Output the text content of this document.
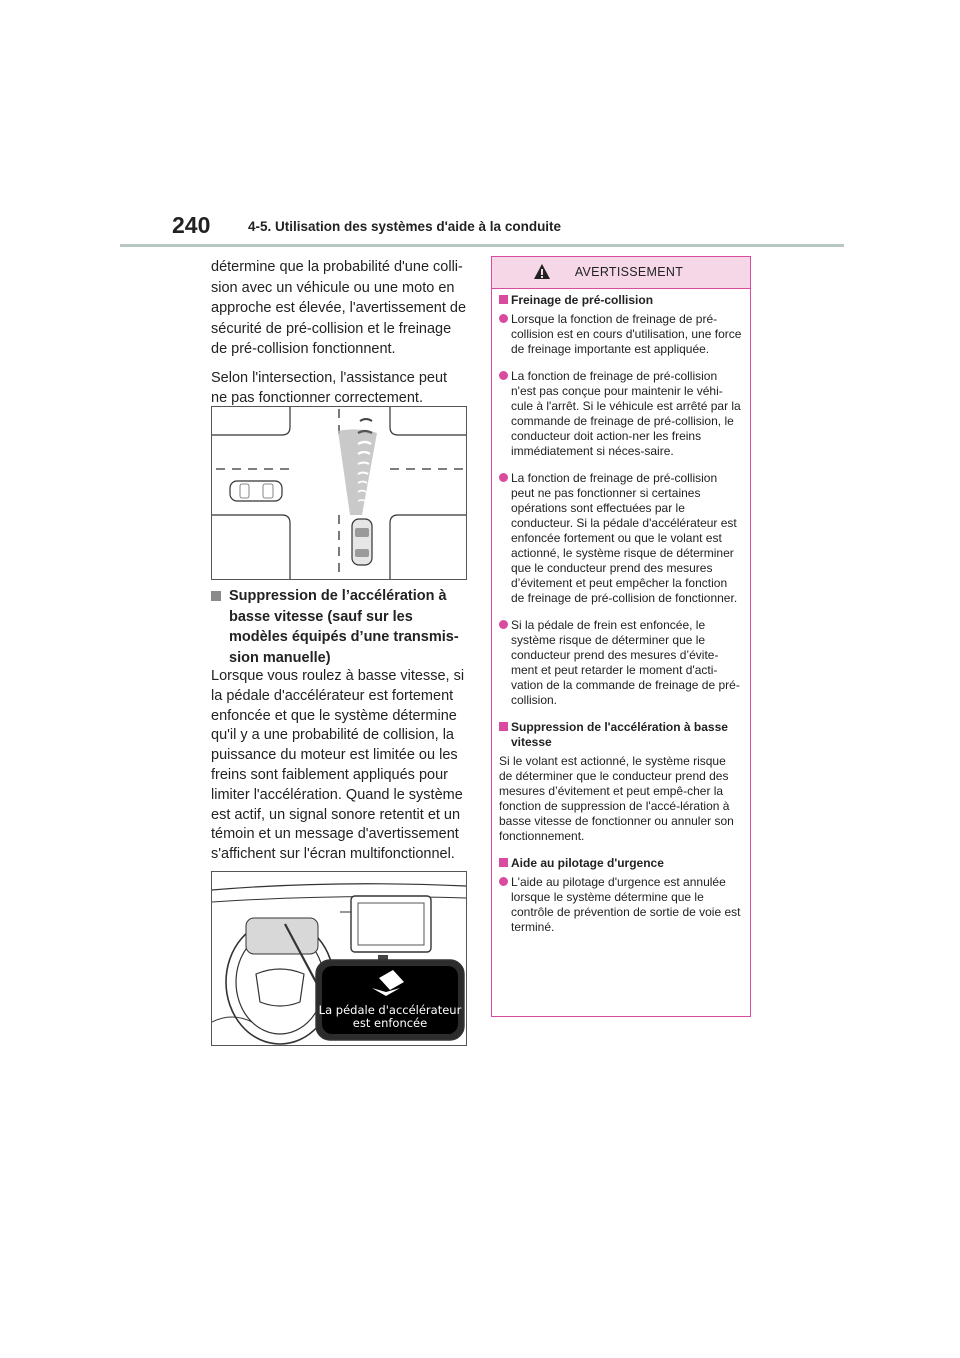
240	4-5. Utilisation des systèmes d'aide à la conduite

détermine que la probabilité d'une colli-sion avec un véhicule ou une moto en approche est élevée, l'avertissement de sécurité de pré-collision et le freinage de pré-collision fonctionnent.

Selon l'intersection, l'assistance peut ne pas fonctionner correctement.

Suppression de l’accélération à basse vitesse (sauf sur les modèles équipés d’une transmis-sion manuelle)

Lorsque vous roulez à basse vitesse, si la pédale d'accélérateur est fortement enfoncée et que le système détermine qu'il y a une probabilité de collision, la puissance du moteur est limitée ou les freins sont faiblement appliqués pour limiter l'accélération. Quand le système est actif, un signal sonore retentit et un témoin et un message d'avertissement s'affichent sur l'écran multifonctionnel.

La pédale d'accélérateur
est enfoncée
AVERTISSEMENT
Freinage de pré-collision
Lorsque la fonction de freinage de pré-collision est en cours d'utilisation, une force de freinage importante est appliquée.
La fonction de freinage de pré-collision n'est pas conçue pour maintenir le véhi-cule à l'arrêt. Si le véhicule est arrêté par la commande de freinage de pré-collision, le conducteur doit action-ner les freins immédiatement si néces-saire.
La fonction de freinage de pré-collision peut ne pas fonctionner si certaines opérations sont effectuées par le conducteur. Si la pédale d'accélérateur est enfoncée fortement ou que le volant est actionné, le système risque de déterminer que le conducteur prend des mesures d’évitement et peut empêcher la fonction de freinage de pré-collision de fonctionner.
Si la pédale de frein est enfoncée, le système risque de déterminer que le conducteur prend des mesures d’évite-ment et peut retarder le moment d'acti-vation de la commande de freinage de pré-collision.
Suppression de l'accélération à basse vitesse

Si le volant est actionné, le système risque de déterminer que le conducteur prend des mesures d’évitement et peut empê-cher la fonction de suppression de l'accé-lération à basse vitesse de fonctionner ou annuler son fonctionnement.

Aide au pilotage d'urgence
L'aide au pilotage d'urgence est annulée lorsque le système détermine que le contrôle de prévention de sortie de voie est terminé.
